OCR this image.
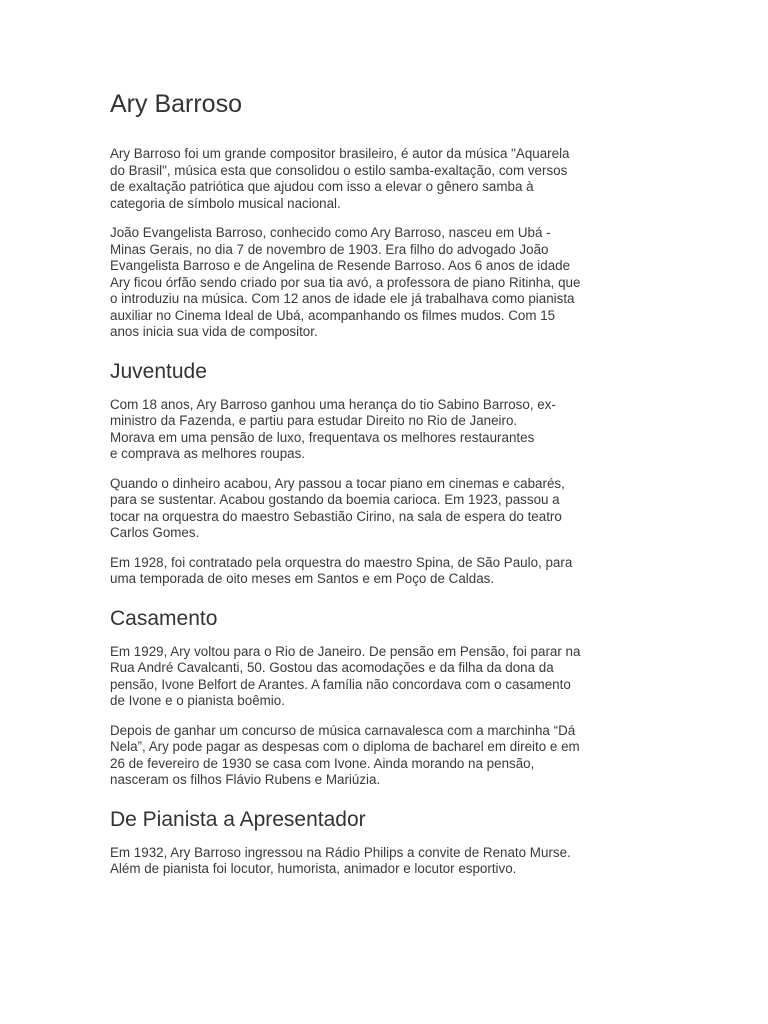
Ary Barroso

Ary Barroso foi um grande compositor brasileiro, é autor da música "Aquarela
do Brasil", música esta que consolidou o estilo samba-exaltação, com versos
de exaltação patriótica que ajudou com isso a elevar o gênero samba à
categoria de símbolo musical nacional.

João Evangelista Barroso, conhecido como Ary Barroso, nasceu em Ubá -
Minas Gerais, no dia 7 de novembro de 1903. Era filho do advogado João
Evangelista Barroso e de Angelina de Resende Barroso. Aos 6 anos de idade
Ary ficou órfão sendo criado por sua tia avó, a professora de piano Ritinha, que
o introduziu na música. Com 12 anos de idade ele já trabalhava como pianista
auxiliar no Cinema Ideal de Ubá, acompanhando os filmes mudos. Com 15
anos inicia sua vida de compositor.

Juventude

Com 18 anos, Ary Barroso ganhou uma herança do tio Sabino Barroso, ex-
ministro da Fazenda, e partiu para estudar Direito no Rio de Janeiro.
Morava em uma pensão de luxo, frequentava os melhores restaurantes
e comprava as melhores roupas.

Quando o dinheiro acabou, Ary passou a tocar piano em cinemas e cabarés,
para se sustentar. Acabou gostando da boemia carioca. Em 1923, passou a
tocar na orquestra do maestro Sebastião Cirino, na sala de espera do teatro
Carlos Gomes.

Em 1928, foi contratado pela orquestra do maestro Spina, de São Paulo, para
uma temporada de oito meses em Santos e em Poço de Caldas.

Casamento

Em 1929, Ary voltou para o Rio de Janeiro. De pensão em Pensão, foi parar na
Rua André Cavalcanti, 50. Gostou das acomodações e da filha da dona da
pensão, Ivone Belfort de Arantes. A família não concordava com o casamento
de Ivone e o pianista boêmio.

Depois de ganhar um concurso de música carnavalesca com a marchinha “Dá
Nela”, Ary pode pagar as despesas com o diploma de bacharel em direito e em
26 de fevereiro de 1930 se casa com Ivone. Ainda morando na pensão,
nasceram os filhos Flávio Rubens e Mariúzia.

De Pianista a Apresentador

Em 1932, Ary Barroso ingressou na Rádio Philips a convite de Renato Murse.
Além de pianista foi locutor, humorista, animador e locutor esportivo.
